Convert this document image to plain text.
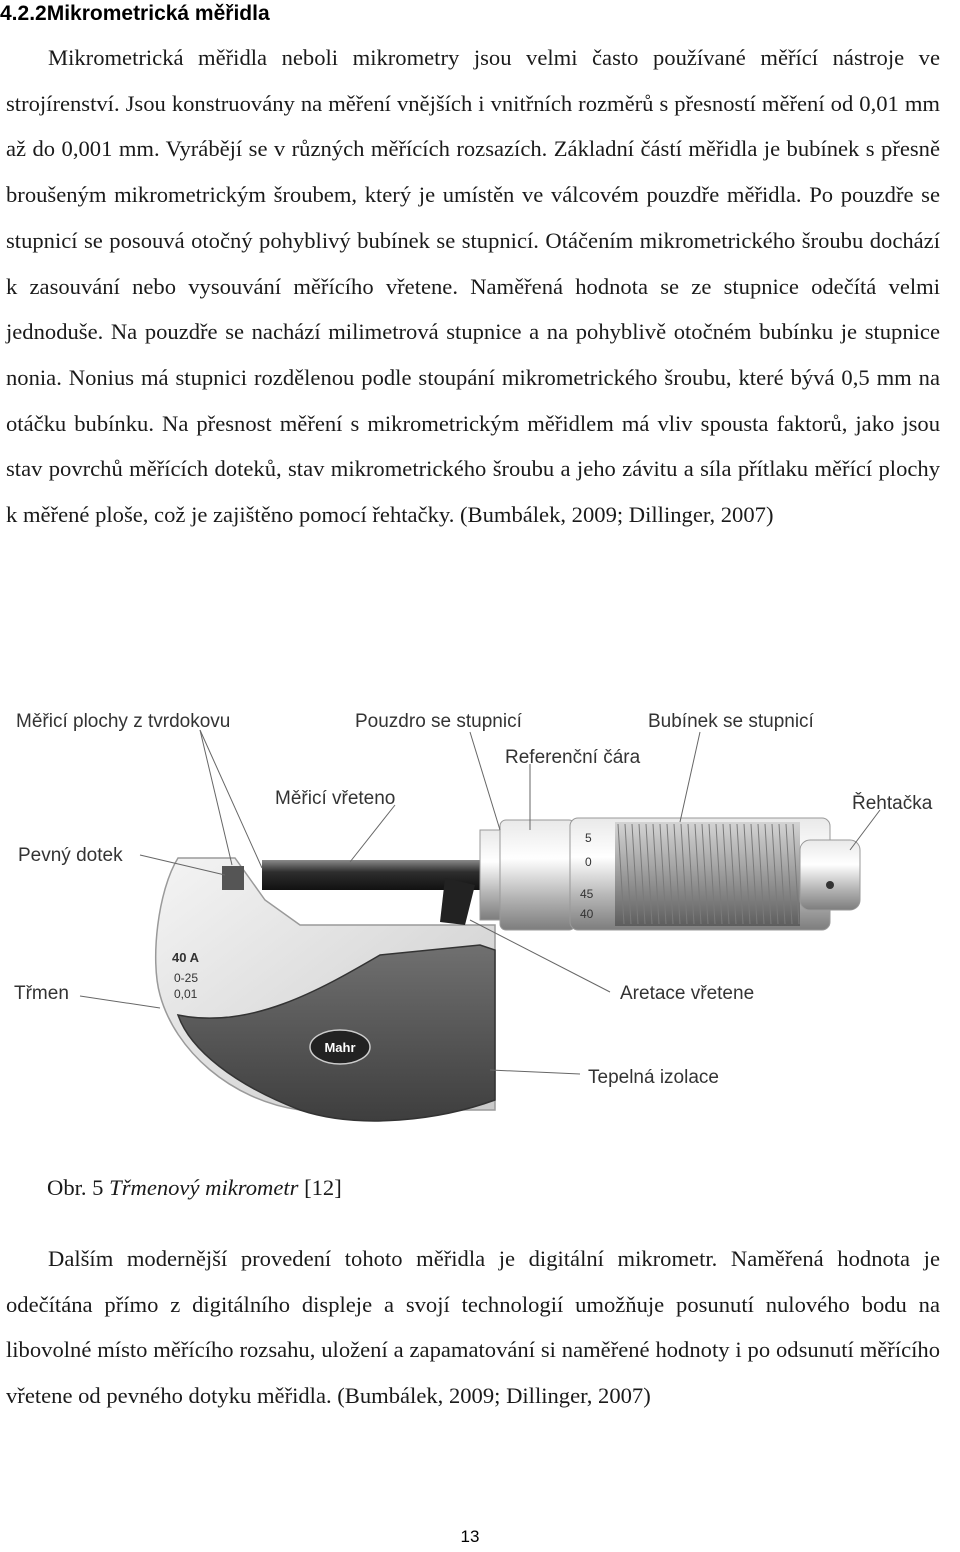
4.2.2Mikrometrická měřidla

Mikrometrická měřidla neboli mikrometry jsou velmi často používané měřící nástroje ve strojírenství. Jsou konstruovány na měření vnějších i vnitřních rozměrů s přesností měření od 0,01 mm až do 0,001 mm. Vyrábějí se v různých měřících rozsazích. Základní částí měřidla je bubínek s přesně broušeným mikrometrickým šroubem, který je umístěn ve válcovém pouzdře měřidla. Po pouzdře se stupnicí se posouvá otočný pohyblivý bubínek se stupnicí. Otáčením mikrometrického šroubu dochází k zasouvání nebo vysouvání měřícího vřetene. Naměřená hodnota se ze stupnice odečítá velmi jednoduše. Na pouzdře se nachází milimetrová stupnice a na pohyblivě otočném bubínku je stupnice nonia. Nonius má stupnici rozdělenou podle stoupání mikrometrického šroubu, které bývá 0,5 mm na otáčku bubínku. Na přesnost měření s mikrometrickým měřidlem má vliv spousta faktorů, jako jsou stav povrchů měřících doteků, stav mikrometrického šroubu a jeho závitu a síla přítlaku měřící plochy k měřené ploše, což je zajištěno pomocí řehtačky. (Bumbálek, 2009; Dillinger, 2007)

5
0
45
40
Mahr
40 A
0-25
0,01
Měřicí plochy z tvrdokovu	Pouzdro se stupnicí	Bubínek se stupnicí
Referenční čára
Měřicí vřeteno	Řehtačka
Pevný dotek
Třmen	Aretace vřetene
Tepelná izolace

Obr. 5 Třmenový mikrometr [12]

Dalším modernější provedení tohoto měřidla je digitální mikrometr. Naměřená hodnota je odečítána přímo z digitálního displeje a svojí technologií umožňuje posunutí nulového bodu na libovolné místo měřícího rozsahu, uložení a zapamatování si naměřené hodnoty i po odsunutí měřícího vřetene od pevného dotyku měřidla. (Bumbálek, 2009; Dillinger, 2007)

13
